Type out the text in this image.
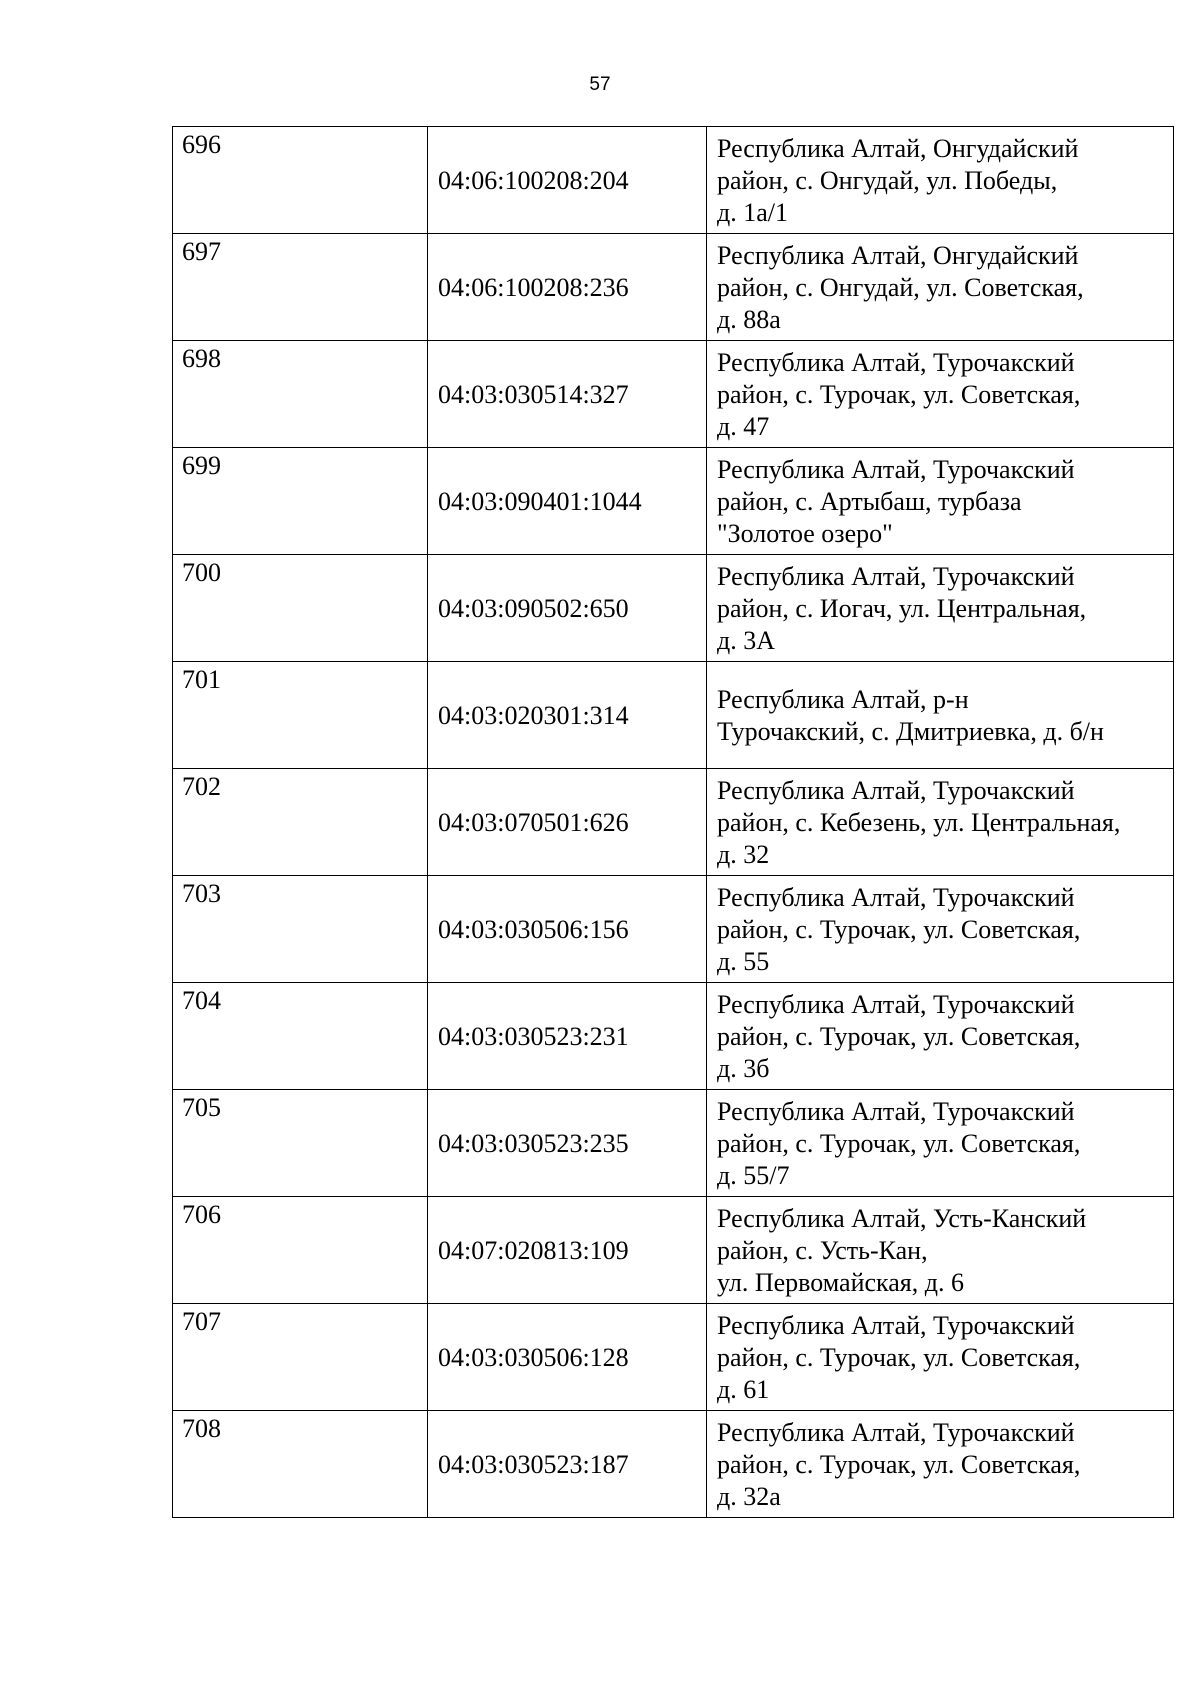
57
696	04:06:100208:204	Республика Алтай, Онгудайский
район, с. Онгудай, ул. Победы,
д. 1а/1

697	04:06:100208:236	Республика Алтай, Онгудайский
район, с. Онгудай, ул. Советская,
д. 88а

698	04:03:030514:327	Республика Алтай, Турочакский
район, с. Турочак, ул. Советская,
д. 47

699	04:03:090401:1044	Республика Алтай, Турочакский
район, с. Артыбаш, турбаза
"Золотое озеро"

700	04:03:090502:650	Республика Алтай, Турочакский
район, с. Иогач, ул. Центральная,
д. 3А

701	04:03:020301:314	Республика Алтай, р-н
Турочакский, с. Дмитриевка, д. б/н

702	04:03:070501:626	Республика Алтай, Турочакский
район, с. Кебезень, ул. Центральная,
д. 32

703	04:03:030506:156	Республика Алтай, Турочакский
район, с. Турочак, ул. Советская,
д. 55

704	04:03:030523:231	Республика Алтай, Турочакский
район, с. Турочак, ул. Советская,
д. 3б

705	04:03:030523:235	Республика Алтай, Турочакский
район, с. Турочак, ул. Советская,
д. 55/7

706	04:07:020813:109	Республика Алтай, Усть-Канский
район, с. Усть-Кан,
ул. Первомайская, д. 6

707	04:03:030506:128	Республика Алтай, Турочакский
район, с. Турочак, ул. Советская,
д. 61

708	04:03:030523:187	Республика Алтай, Турочакский
район, с. Турочак, ул. Советская,
д. 32а
